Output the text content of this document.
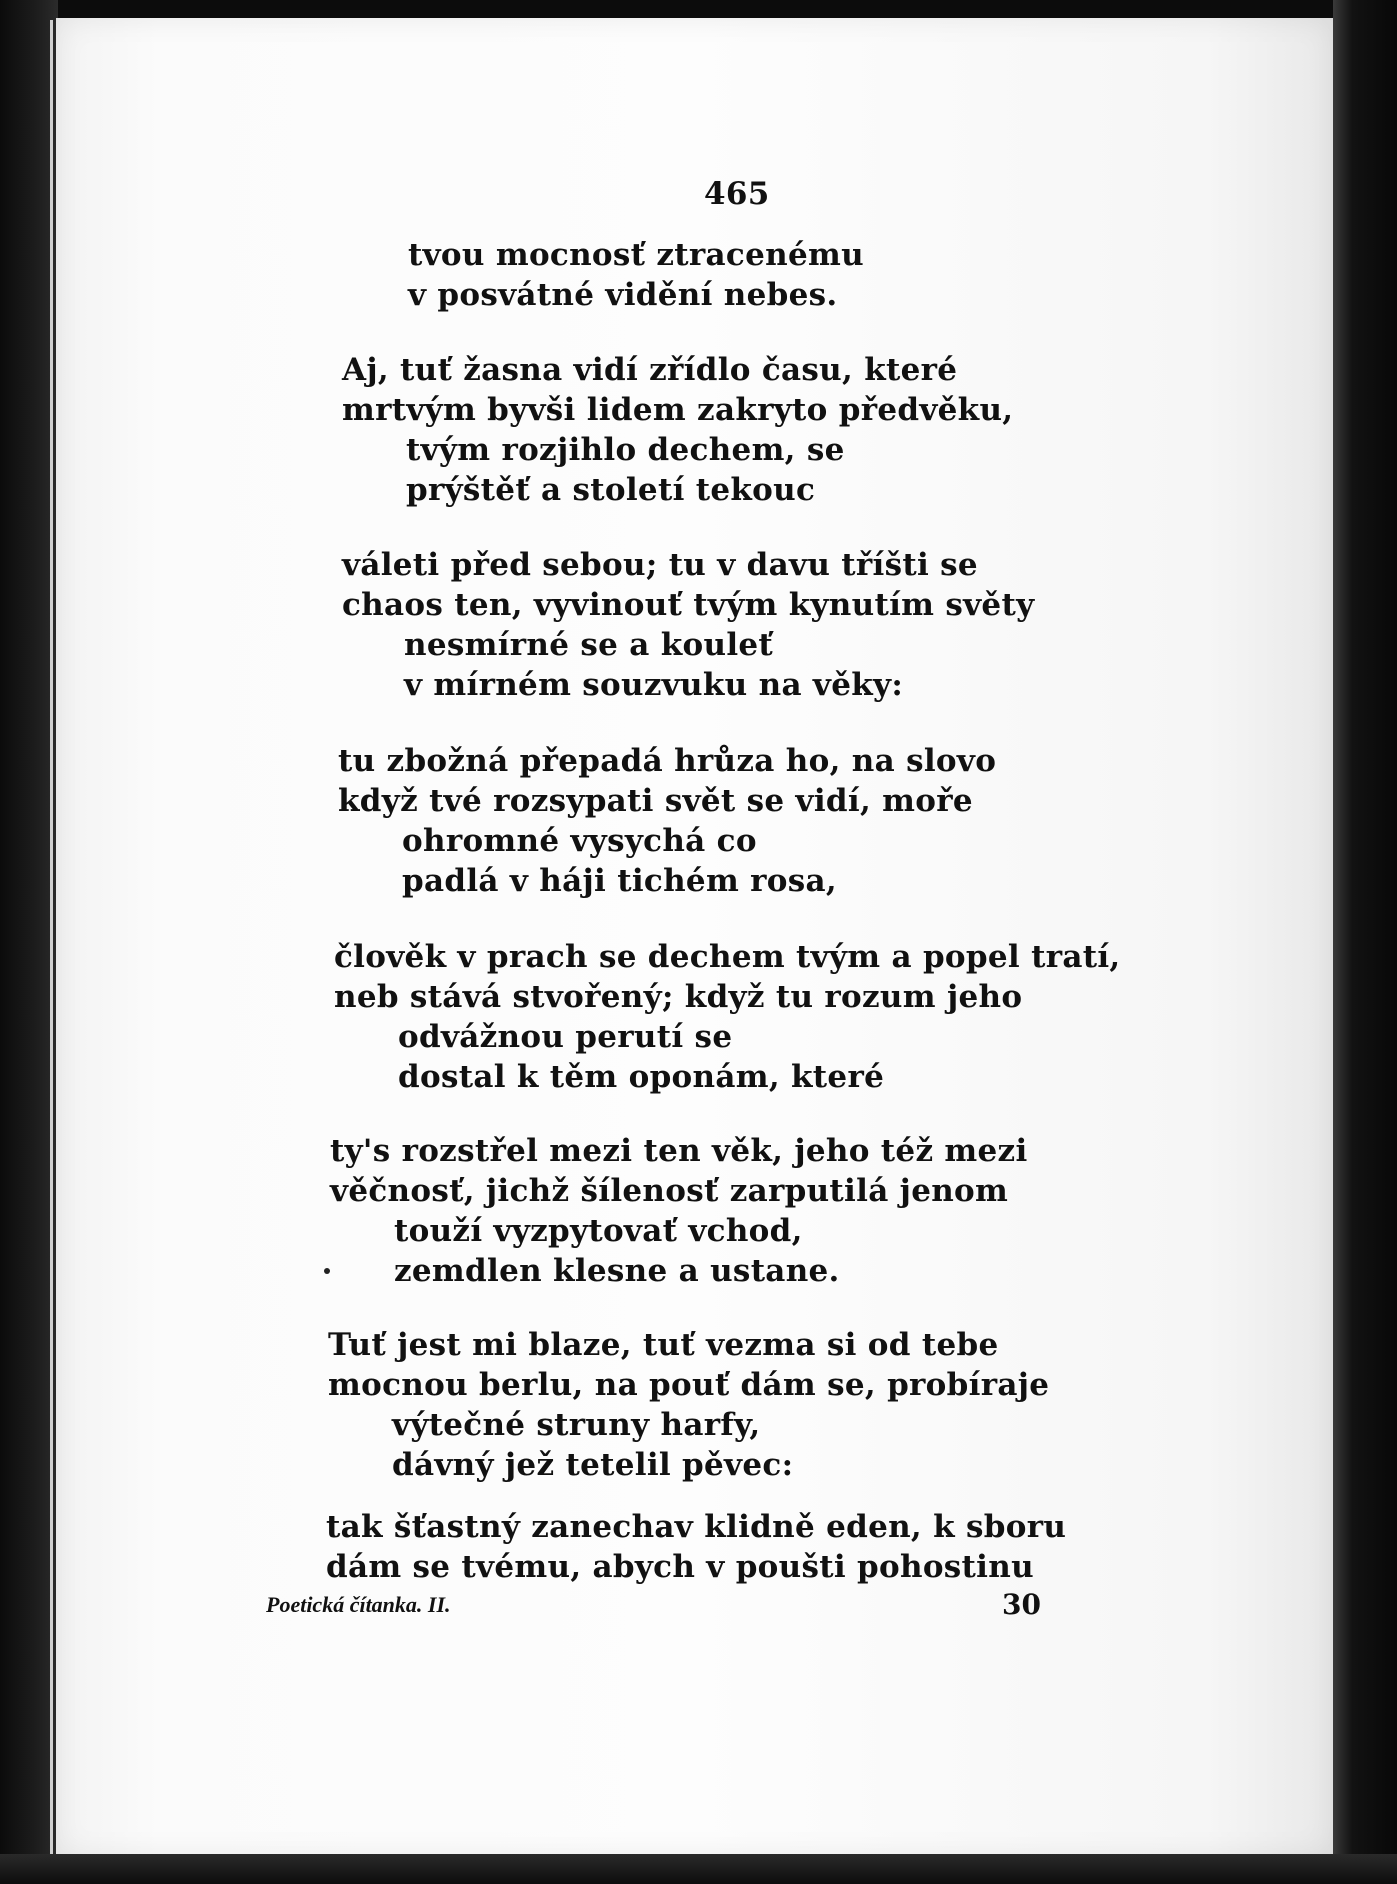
465
tvou mocnosť ztracenému
v posvátné vidění nebes.
Aj, tuť žasna vidí zřídlo času, které
mrtvým byvši lidem zakryto předvěku,
tvým rozjihlo dechem, se
prýštěť a století tekouc
váleti před sebou; tu v davu tříšti se
chaos ten, vyvinouť tvým kynutím světy
nesmírné se a kouleť
v mírném souzvuku na věky:
tu zbožná přepadá hrůza ho, na slovo
když tvé rozsypati svět se vidí, moře
ohromné vysychá co
padlá v háji tichém rosa,
člověk v prach se dechem tvým a popel tratí,
neb stává stvořený; když tu rozum jeho
odvážnou perutí se
dostal k těm oponám, které
ty's rozstřel mezi ten věk, jeho též mezi
věčnosť, jichž šílenosť zarputilá jenom
touží vyzpytovať vchod,
zemdlen klesne a ustane.
Tuť jest mi blaze, tuť vezma si od tebe
mocnou berlu, na pouť dám se, probíraje
výtečné struny harfy,
dávný jež tetelil pěvec:
tak šťastný zanechav klidně eden, k sboru
dám se tvému, abych v poušti pohostinu
Poetická čítanka. II.	30
